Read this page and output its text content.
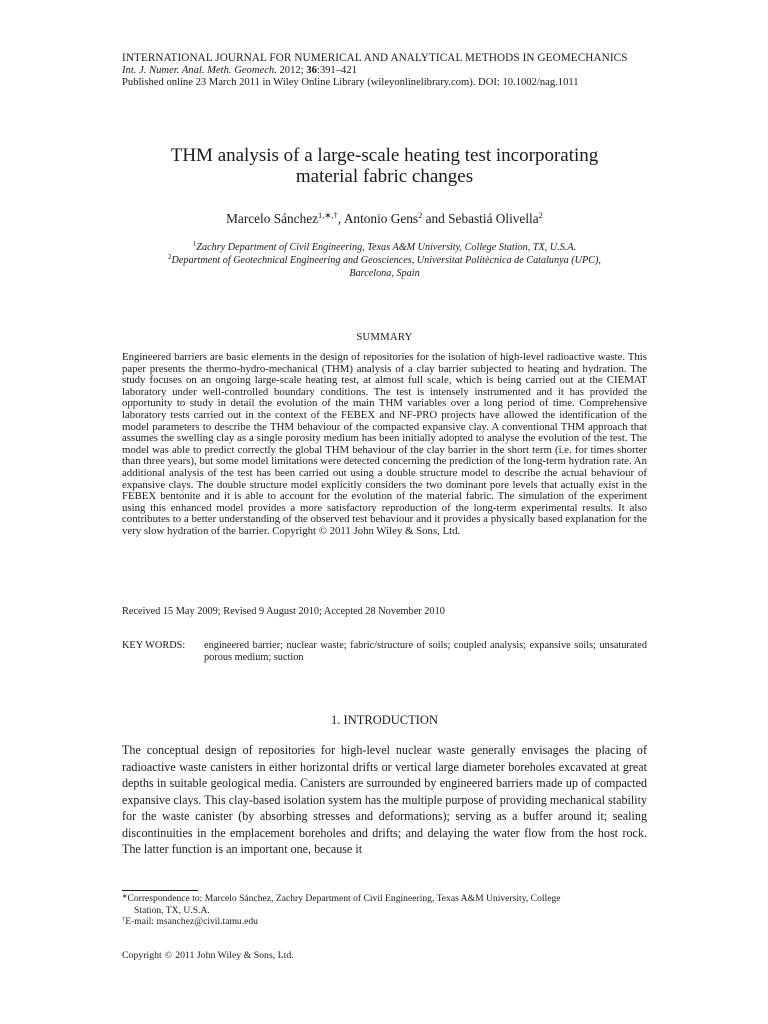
INTERNATIONAL JOURNAL FOR NUMERICAL AND ANALYTICAL METHODS IN GEOMECHANICS
Int. J. Numer. Anal. Meth. Geomech. 2012; 36:391–421
Published online 23 March 2011 in Wiley Online Library (wileyonlinelibrary.com). DOI: 10.1002/nag.1011
THM analysis of a large-scale heating test incorporating
material fabric changes
Marcelo Sánchez$^{1,∗,\dagger}$, Antonio Gens$^2$ and Sebastiá Olivella$^2$
$^1$Zachry Department of Civil Engineering, Texas A&M University, College Station, TX, U.S.A.
$^2$Department of Geotechnical Engineering and Geosciences, Universitat Politècnica de Catalunya (UPC),
Barcelona, Spain
SUMMARY
Engineered barriers are basic elements in the design of repositories for the isolation of high-level radioactive waste. This paper presents the thermo-hydro-mechanical (THM) analysis of a clay barrier subjected to heating and hydration. The study focuses on an ongoing large-scale heating test, at almost full scale, which is being carried out at the CIEMAT laboratory under well-controlled boundary conditions. The test is intensely instrumented and it has provided the opportunity to study in detail the evolution of the main THM variables over a long period of time. Comprehensive laboratory tests carried out in the context of the FEBEX and NF-PRO projects have allowed the identification of the model parameters to describe the THM behaviour of the compacted expansive clay. A conventional THM approach that assumes the swelling clay as a single porosity medium has been initially adopted to analyse the evolution of the test. The model was able to predict correctly the global THM behaviour of the clay barrier in the short term (i.e. for times shorter than three years), but some model limitations were detected concerning the prediction of the long-term hydration rate. An additional analysis of the test has been carried out using a double structure model to describe the actual behaviour of expansive clays. The double structure model explicitly considers the two dominant pore levels that actually exist in the FEBEX bentonite and it is able to account for the evolution of the material fabric. The simulation of the experiment using this enhanced model provides a more satisfactory reproduction of the long-term experimental results. It also contributes to a better understanding of the observed test behaviour and it provides a physically based explanation for the very slow hydration of the barrier. Copyright © 2011 John Wiley & Sons, Ltd.
Received 15 May 2009; Revised 9 August 2010; Accepted 28 November 2010
KEY WORDS:	engineered barrier; nuclear waste; fabric/structure of soils; coupled analysis; expansive soils; unsaturated porous medium; suction
1. INTRODUCTION
The conceptual design of repositories for high-level nuclear waste generally envisages the placing of radioactive waste canisters in either horizontal drifts or vertical large diameter boreholes excavated at great depths in suitable geological media. Canisters are surrounded by engineered barriers made up of compacted expansive clays. This clay-based isolation system has the multiple purpose of providing mechanical stability for the waste canister (by absorbing stresses and deformations); serving as a buffer around it; sealing discontinuities in the emplacement boreholes and drifts; and delaying the water flow from the host rock. The latter function is an important one, because it
∗Correspondence to: Marcelo Sánchez, Zachry Department of Civil Engineering, Texas A&M University, College
Station, TX, U.S.A.
†E-mail: msanchez@civil.tamu.edu
Copyright © 2011 John Wiley & Sons, Ltd.
